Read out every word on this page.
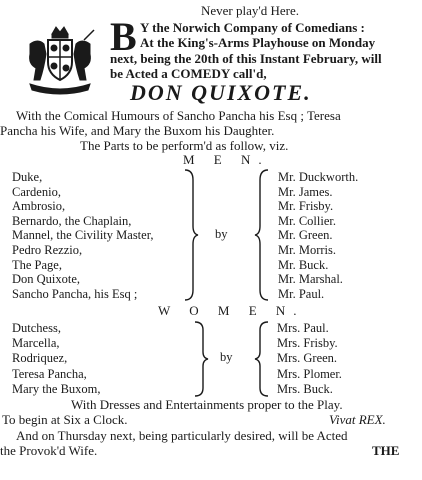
Never play'd Here.
B Y the Norwich Company of Comedians :
At the King's-Arms Playhouse on Monday
next, being the 20th of this Instant February, will
be Acted a COMEDY call'd,
DON QUIXOTE.
With the Comical Humours of Sancho Pancha his Esq ; Teresa
Pancha his Wife, and Mary the Buxom his Daughter.
The Parts to be perform'd as follow, viz.
M E N.
Duke,
Cardenio,
Ambrosio,
Bernardo, the Chaplain,
Mannel, the Civility Master,
Pedro Rezzio,
The Page,
Don Quixote,
Sancho Pancha, his Esq ;
by
Mr. Duckworth.
Mr. James.
Mr. Frisby.
Mr. Collier.
Mr. Green.
Mr. Morris.
Mr. Buck.
Mr. Marshal.
Mr. Paul.
W O M E N.
Dutchess,
Marcella,
Rodriquez,
Teresa Pancha,
Mary the Buxom,
by
Mrs. Paul.
Mrs. Frisby.
Mrs. Green.
Mrs. Plomer.
Mrs. Buck.
With Dresses and Entertainments proper to the Play.
To begin at Six a Clock.	Vivat REX.
And on Thursday next, being particularly desired, will be Acted
the Provok'd Wife.	THE
